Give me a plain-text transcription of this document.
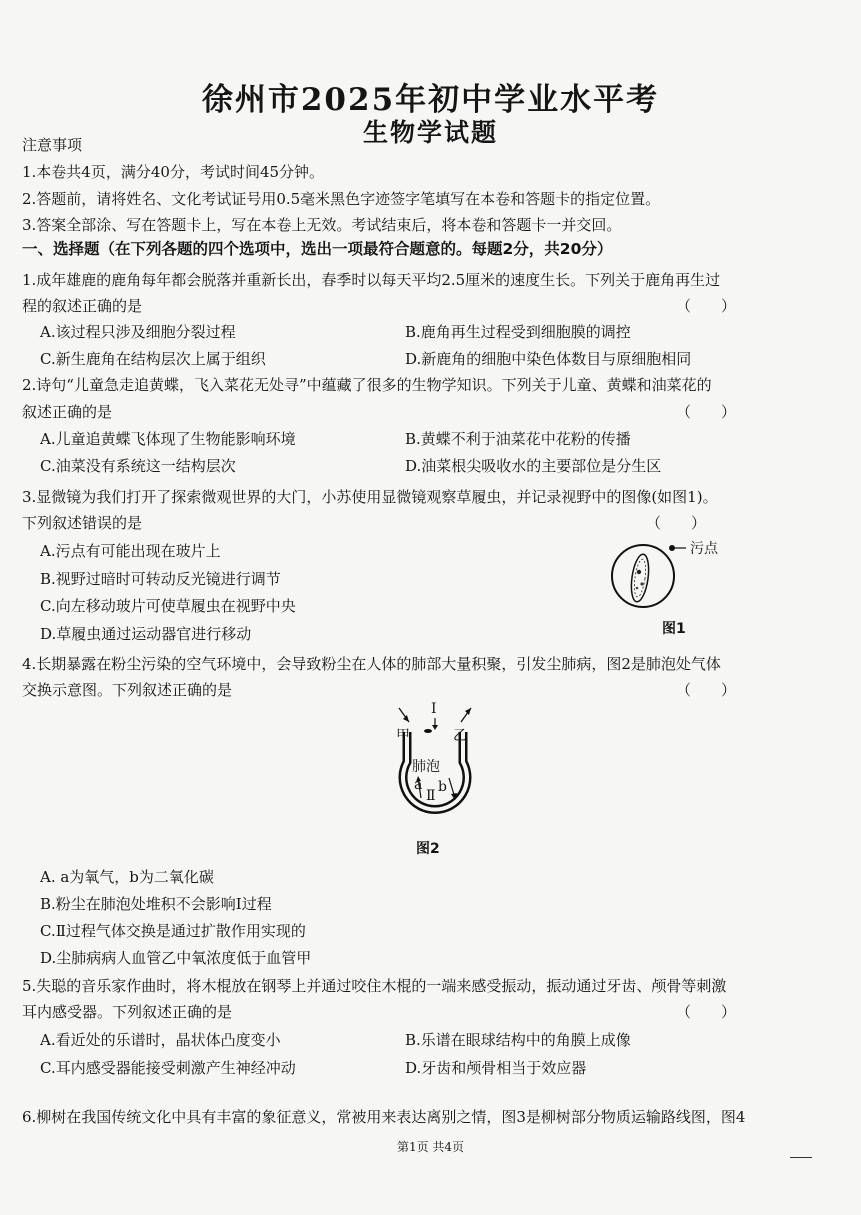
徐州市2025年初中学业水平考
生物学试题
注意事项
1.本卷共4页，满分40分，考试时间45分钟。
2.答题前，请将姓名、文化考试证号用0.5毫米黑色字迹签字笔填写在本卷和答题卡的指定位置。
3.答案全部涂、写在答题卡上，写在本卷上无效。考试结束后，将本卷和答题卡一并交回。
一、选择题（在下列各题的四个选项中，选出一项最符合题意的。每题2分，共20分）
1.成年雄鹿的鹿角每年都会脱落并重新长出，春季时以每天平均2.5厘米的速度生长。下列关于鹿角再生过
程的叙述正确的是	（　　）
A.该过程只涉及细胞分裂过程	B.鹿角再生过程受到细胞膜的调控
C.新生鹿角在结构层次上属于组织	D.新鹿角的细胞中染色体数目与原细胞相同
2.诗句“儿童急走追黄蝶，飞入菜花无处寻”中蕴藏了很多的生物学知识。下列关于儿童、黄蝶和油菜花的
叙述正确的是	（　　）
A.儿童追黄蝶飞体现了生物能影响环境	B.黄蝶不利于油菜花中花粉的传播
C.油菜没有系统这一结构层次	D.油菜根尖吸收水的主要部位是分生区
3.显微镜为我们打开了探索微观世界的大门，小苏使用显微镜观察草履虫，并记录视野中的图像(如图1)。
下列叙述错误的是	（　　）
A.污点有可能出现在玻片上
B.视野过暗时可转动反光镜进行调节
C.向左移动玻片可使草履虫在视野中央
D.草履虫通过运动器官进行移动
污点
图1
4.长期暴露在粉尘污染的空气环境中，会导致粉尘在人体的肺部大量积聚，引发尘肺病，图2是肺泡处气体
交换示意图。下列叙述正确的是	（　　）
甲	乙
Ⅰ
肺泡
a b
Ⅱ
图2
A. a为氧气，b为二氧化碳
B.粉尘在肺泡处堆积不会影响Ⅰ过程
C.Ⅱ过程气体交换是通过扩散作用实现的
D.尘肺病病人血管乙中氧浓度低于血管甲
5.失聪的音乐家作曲时，将木棍放在钢琴上并通过咬住木棍的一端来感受振动，振动通过牙齿、颅骨等刺激
耳内感受器。下列叙述正确的是	（　　）
A.看近处的乐谱时，晶状体凸度变小	B.乐谱在眼球结构中的角膜上成像
C.耳内感受器能接受刺激产生神经冲动	D.牙齿和颅骨相当于效应器
6.柳树在我国传统文化中具有丰富的象征意义，常被用来表达离别之情，图3是柳树部分物质运输路线图，图4
第1页 共4页
